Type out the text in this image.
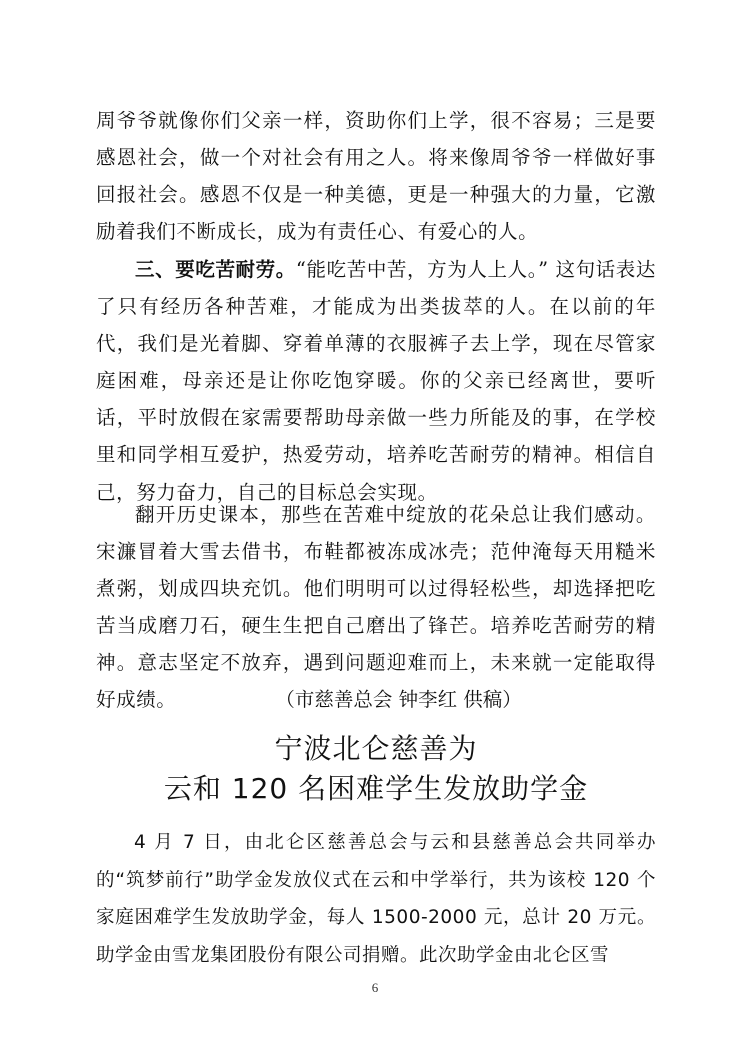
周爷爷就像你们父亲一样，资助你们上学，很不容易；三是要感恩社会，做一个对社会有用之人。将来像周爷爷一样做好事回报社会。感恩不仅是一种美德，更是一种强大的力量，它激励着我们不断成长，成为有责任心、有爱心的人。

三、要吃苦耐劳。“能吃苦中苦，方为人上人。” 这句话表达了只有经历各种苦难，才能成为出类拔萃的人。在以前的年代，我们是光着脚、穿着单薄的衣服裤子去上学，现在尽管家庭困难，母亲还是让你吃饱穿暖。你的父亲已经离世，要听话，平时放假在家需要帮助母亲做一些力所能及的事，在学校里和同学相互爱护，热爱劳动，培养吃苦耐劳的精神。相信自己，努力奋力，自己的目标总会实现。

翻开历史课本，那些在苦难中绽放的花朵总让我们感动。宋濂冒着大雪去借书，布鞋都被冻成冰壳；范仲淹每天用糙米煮粥，划成四块充饥。他们明明可以过得轻松些，却选择把吃苦当成磨刀石，硬生生把自己磨出了锋芒。培养吃苦耐劳的精神。意志坚定不放弃，遇到问题迎难而上，未来就一定能取得好成绩。	（市慈善总会 钟李红 供稿）

宁波北仑慈善为
云和 120 名困难学生发放助学金

4 月 7 日，由北仑区慈善总会与云和县慈善总会共同举办的“筑梦前行”助学金发放仪式在云和中学举行，共为该校 120 个家庭困难学生发放助学金，每人 1500-2000 元，总计 20 万元。助学金由雪龙集团股份有限公司捐赠。此次助学金由北仑区雪

6
